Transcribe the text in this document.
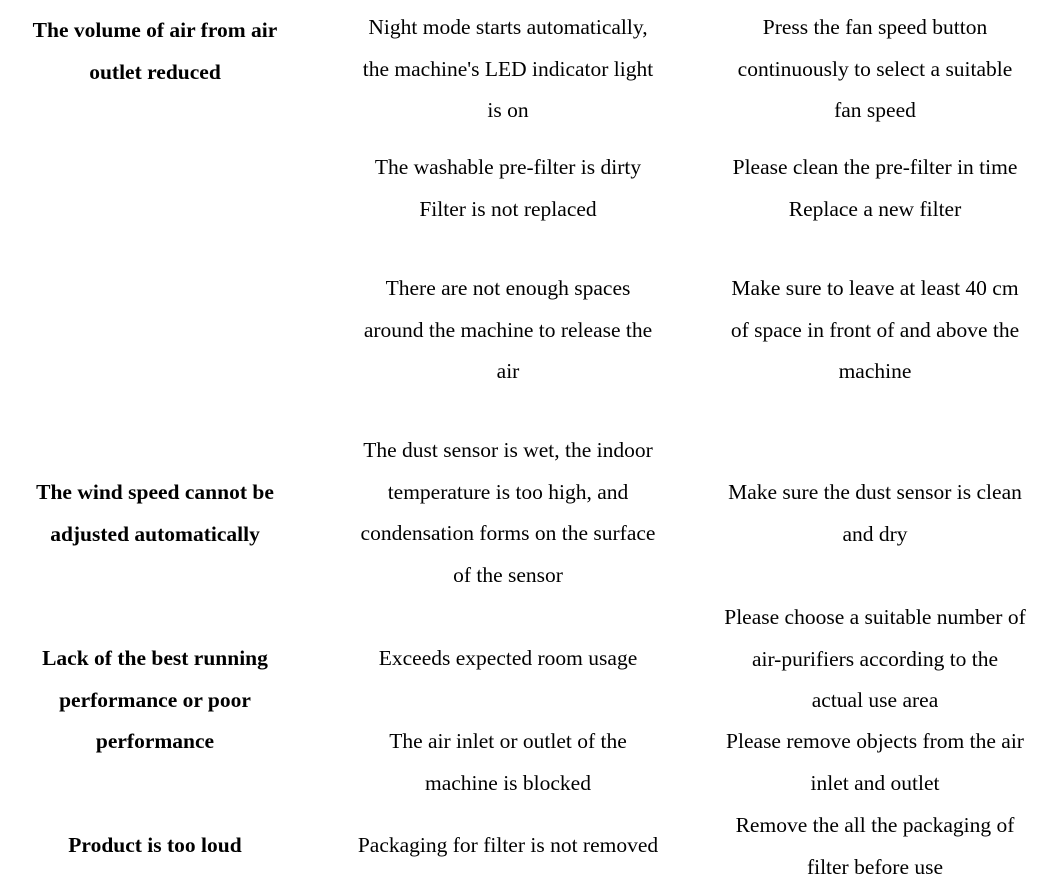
The volume of air from air
outlet reduced
The wind speed cannot be
adjusted automatically
Lack of the best running
performance or poor
performance
Product is too loud
Night mode starts automatically,
the machine's LED indicator light
is on
The washable pre-filter is dirty
Filter is not replaced
There are not enough spaces
around the machine to release the
air
The dust sensor is wet, the indoor
temperature is too high, and
condensation forms on the surface
of the sensor
Exceeds expected room usage
The air inlet or outlet of the
machine is blocked
Packaging for filter is not removed
Press the fan speed button
continuously to select a suitable
fan speed
Please clean the pre-filter in time
Replace a new filter
Make sure to leave at least 40 cm
of space in front of and above the
machine
Make sure the dust sensor is clean
and dry
Please choose a suitable number of
air-purifiers according to the
actual use area
Please remove objects from the air
inlet and outlet
Remove the all the packaging of
filter before use
